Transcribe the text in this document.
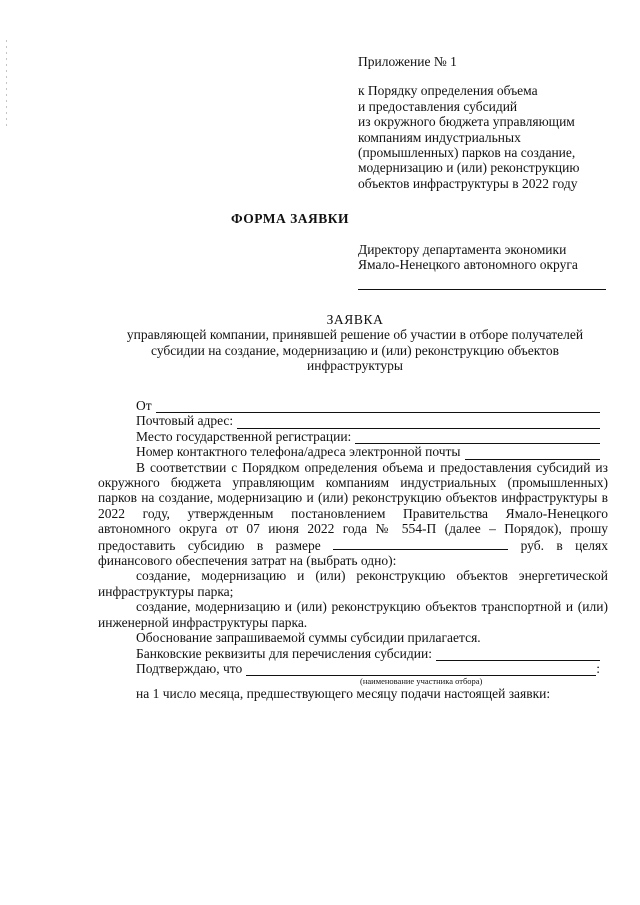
Приложение № 1
к Порядку определения объема
и предоставления субсидий
из окружного бюджета управляющим
компаниям индустриальных
(промышленных) парков на создание,
модернизацию и (или) реконструкцию
объектов инфраструктуры в 2022 году
ФОРМА ЗАЯВКИ
Директору департамента экономики
Ямало-Ненецкого автономного округа
ЗАЯВКА
управляющей компании, принявшей решение об участии в отборе получателей
субсидии на создание, модернизацию и (или) реконструкцию объектов
инфраструктуры
От
Почтовый адрес:
Место государственной регистрации:
Номер контактного телефона/адреса электронной почты

В соответствии с Порядком определения объема и предоставления субсидий из окружного бюджета управляющим компаниям индустриальных (промышленных) парков на создание, модернизацию и (или) реконструкцию объектов инфраструктуры в 2022 году, утвержденным постановлением Правительства Ямало-Ненецкого автономного округа от 07 июня 2022 года № 554-П (далее – Порядок), прошу предоставить субсидию в размере	руб. в целях финансового обеспечения затрат на (выбрать одно):

создание, модернизацию и (или) реконструкцию объектов энергетической инфраструктуры парка;

создание, модернизацию и (или) реконструкцию объектов транспортной и (или) инженерной инфраструктуры парка.

Обоснование запрашиваемой суммы субсидии прилагается.

Банковские реквизиты для перечисления субсидии:
Подтверждаю, что	:
(наименование участника отбора)

на 1 число месяца, предшествующего месяцу подачи настоящей заявки:
